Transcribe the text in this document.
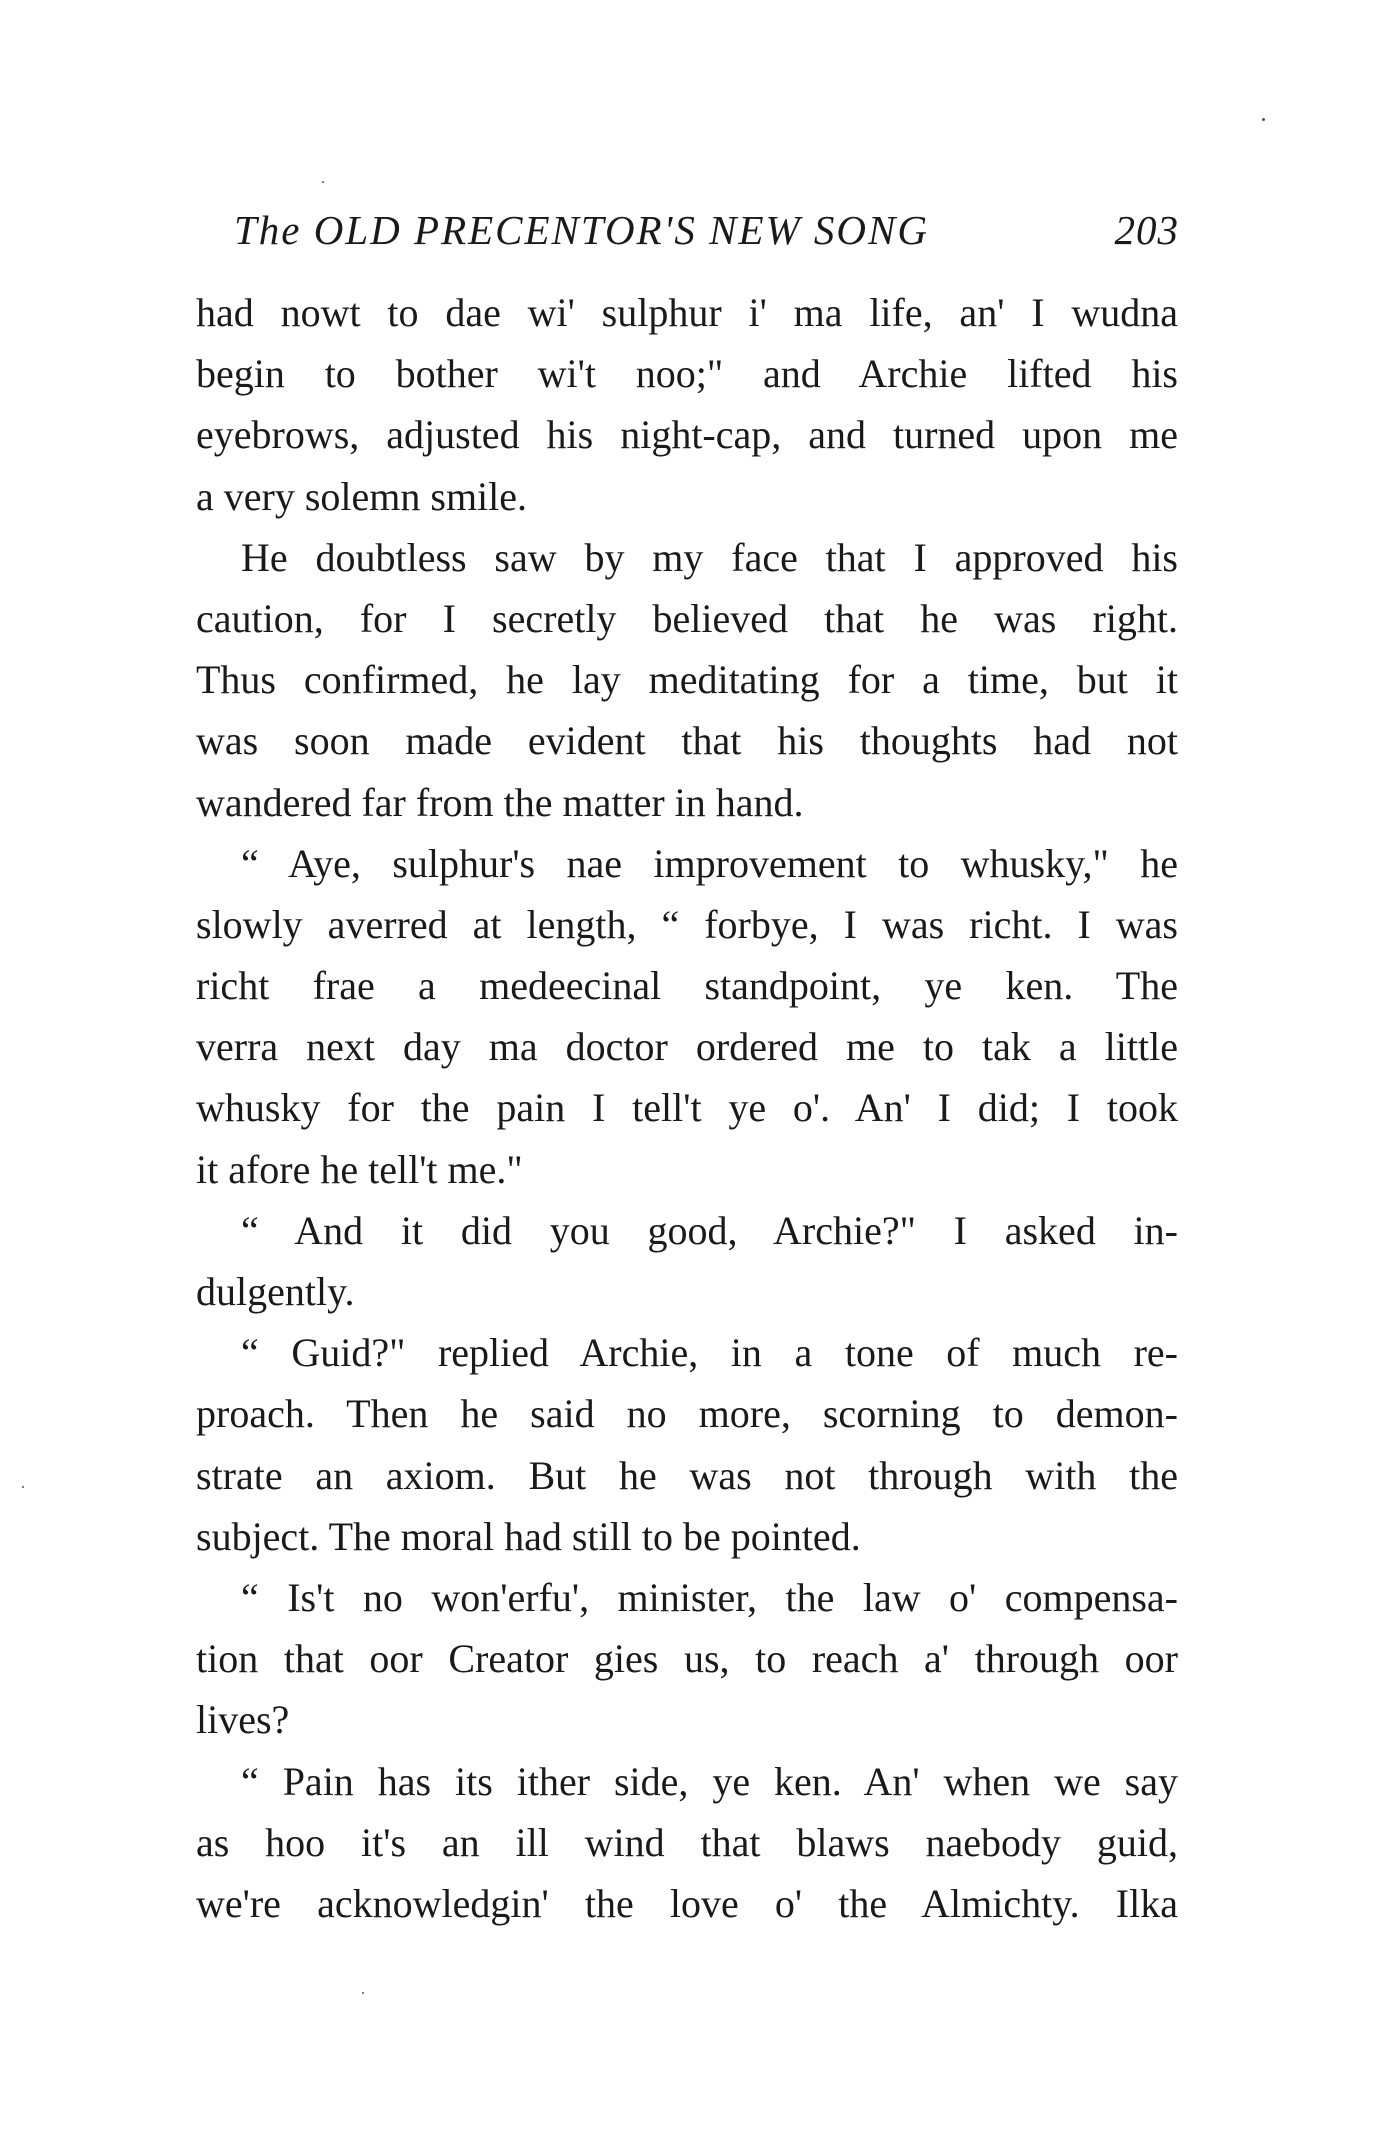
The OLD PRECENTOR'S NEW SONG	203
had nowt to dae wi' sulphur i' ma life, an' I wudna
begin to bother wi't noo;" and Archie lifted his
eyebrows, adjusted his night-cap, and turned upon me
a very solemn smile.
He doubtless saw by my face that I approved his
caution, for I secretly believed that he was right.
Thus confirmed, he lay meditating for a time, but it
was soon made evident that his thoughts had not
wandered far from the matter in hand.
“ Aye, sulphur's nae improvement to whusky," he
slowly averred at length, “ forbye, I was richt. I was
richt frae a medeecinal standpoint, ye ken. The
verra next day ma doctor ordered me to tak a little
whusky for the pain I tell't ye o'. An' I did; I took
it afore he tell't me."
“ And it did you good, Archie?" I asked in-
dulgently.
“ Guid?" replied Archie, in a tone of much re-
proach. Then he said no more, scorning to demon-
strate an axiom. But he was not through with the
subject. The moral had still to be pointed.
“ Is't no won'erfu', minister, the law o' compensa-
tion that oor Creator gies us, to reach a' through oor
lives?
“ Pain has its ither side, ye ken. An' when we say
as hoo it's an ill wind that blaws naebody guid,
we're acknowledgin' the love o' the Almichty. Ilka
